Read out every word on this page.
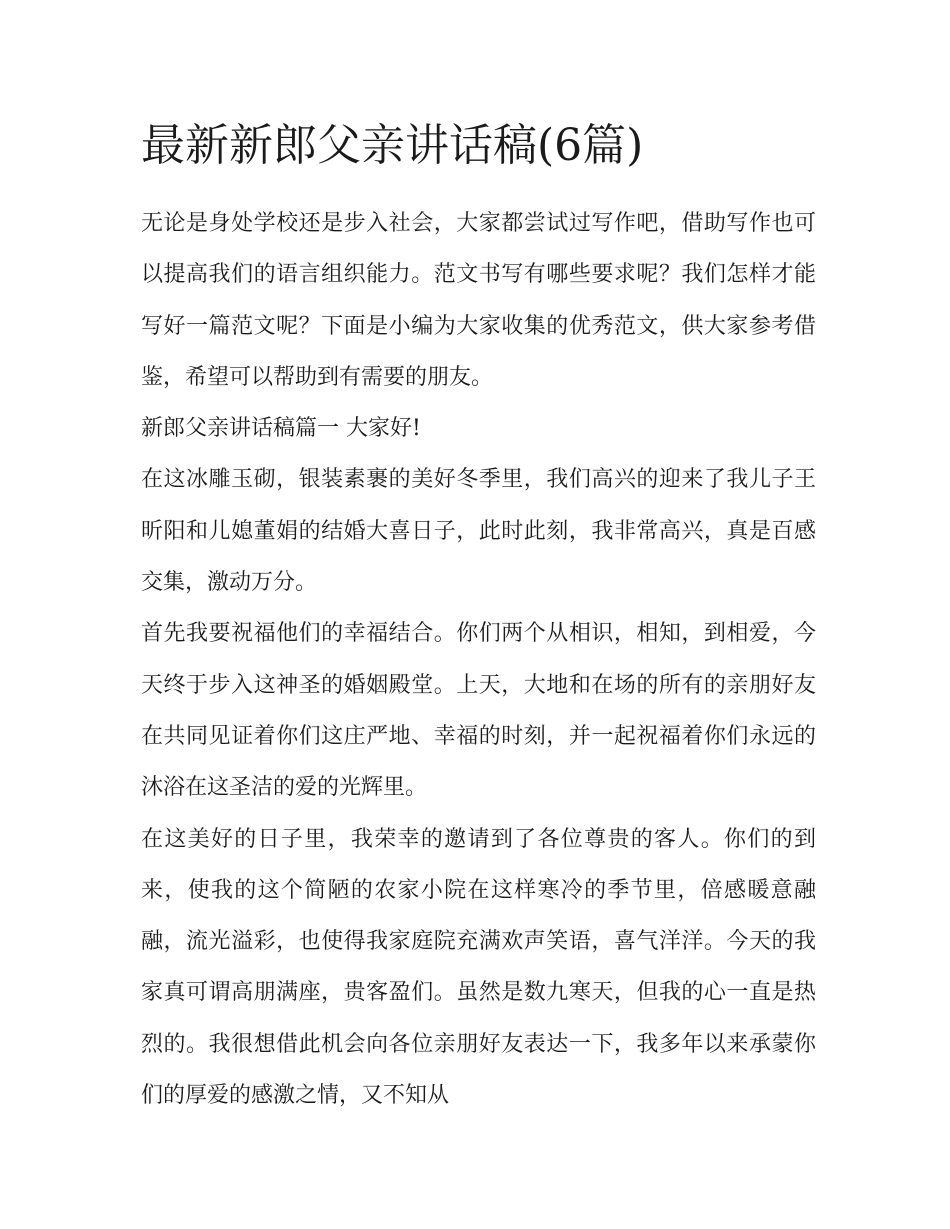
最新新郎父亲讲话稿(6篇)

无论是身处学校还是步入社会，大家都尝试过写作吧，借助写作也可以提高我们的语言组织能力。范文书写有哪些要求呢？我们怎样才能写好一篇范文呢？下面是小编为大家收集的优秀范文，供大家参考借鉴，希望可以帮助到有需要的朋友。

新郎父亲讲话稿篇一 大家好!

在这冰雕玉砌，银装素裹的美好冬季里，我们高兴的迎来了我儿子王昕阳和儿媳董娟的结婚大喜日子，此时此刻，我非常高兴，真是百感交集，激动万分。

首先我要祝福他们的幸福结合。你们两个从相识，相知，到相爱，今天终于步入这神圣的婚姻殿堂。上天，大地和在场的所有的亲朋好友在共同见证着你们这庄严地、幸福的时刻，并一起祝福着你们永远的沐浴在这圣洁的爱的光辉里。

在这美好的日子里，我荣幸的邀请到了各位尊贵的客人。你们的到来，使我的这个简陋的农家小院在这样寒冷的季节里，倍感暖意融融，流光溢彩，也使得我家庭院充满欢声笑语，喜气洋洋。今天的我家真可谓高朋满座，贵客盈们。虽然是数九寒天，但我的心一直是热烈的。我很想借此机会向各位亲朋好友表达一下，我多年以来承蒙你们的厚爱的感激之情，又不知从
